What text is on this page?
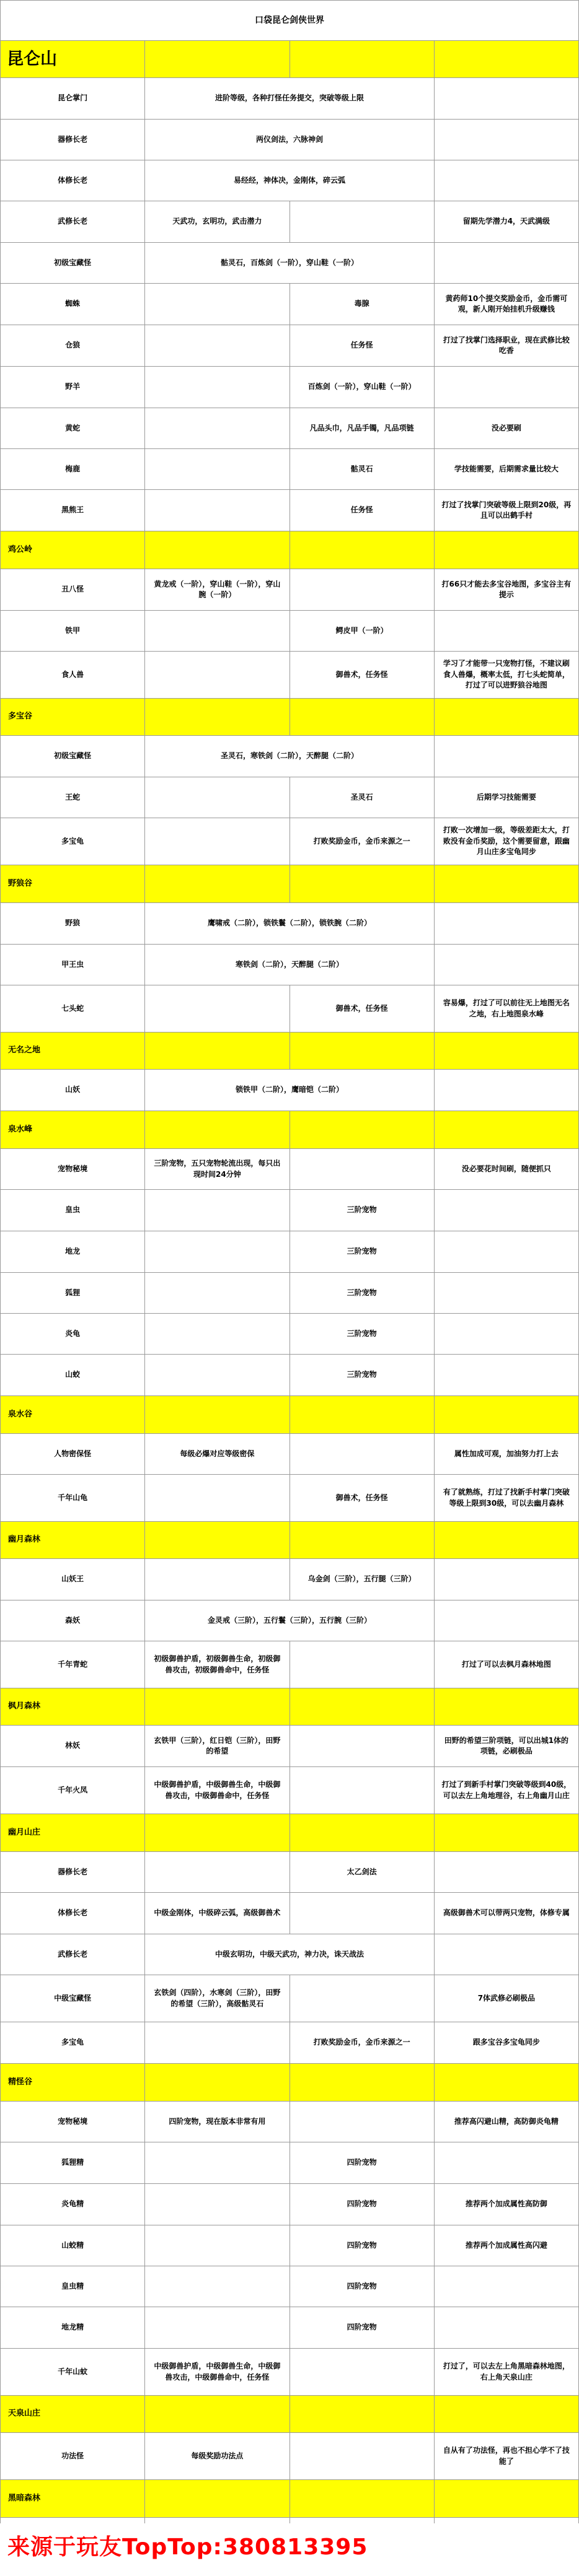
口袋昆仑剑侠世界			
昆仑山			
昆仑掌门	进阶等级，各种打怪任务提交，突破等级上限		
器修长老	两仪剑法，六脉神剑		
体修长老	易经经，神体决，金刚体，碎云弧		
武修长老	天武功，玄明功，武击潜力		留期先学潜力4，天武满级
初级宝藏怪	骷灵石，百炼剑（一阶），穿山鞋（一阶）		
蜘蛛		毒腺	黄药师10个提交奖励金币，金币需可观，新人刚开始挂机升级赚钱
仓狼		任务怪	打过了找掌门选择职业，现在武修比较吃香
野羊		百炼剑（一阶），穿山鞋（一阶）	
黄蛇		凡品头巾，凡品手镯，凡品项链	没必要刷
梅鹿		骷灵石	学技能需要，后期需求量比较大
黑熊王		任务怪	打过了找掌门突破等级上限到20级，再且可以出鹤手村
鸡公岭			
丑八怪	黄龙戒（一阶），穿山鞋（一阶），穿山腕（一阶）		打66只才能去多宝谷地图，多宝谷主有提示
铁甲		鳄皮甲（一阶）	
食人兽		御兽术，任务怪	学习了才能带一只宠物打怪，不建议刷食人兽爆，概率太低，打七头蛇简单，打过了可以进野狼谷地图
多宝谷			
初级宝藏怪	圣灵石，寒铁剑（二阶），天醉腿（二阶）		
王蛇		圣灵石	后期学习技能需要
多宝龟		打败奖励金币，金币来源之一	打败一次增加一级，等级差距太大，打败没有金币奖励，这个需要留意，跟幽月山庄多宝龟同步
野狼谷			
野狼	鹰啸戒（二阶），锁铁鬟（二阶），锁铁腕（二阶）		
甲王虫	寒铁剑（二阶），天醉腿（二阶）		
七头蛇		御兽术，任务怪	容易爆，打过了可以前往无上地图无名之地，右上地图泉水峰
无名之地			
山妖	锁铁甲（二阶），鹰暗铠（二阶）		
泉水峰			
宠物秘境	三阶宠物，五只宠物轮流出现，每只出现时间24分钟		没必要花时间刷，随便抓只
皇虫		三阶宠物	
地龙		三阶宠物	
狐狸		三阶宠物	
炎龟		三阶宠物	
山蛟		三阶宠物	
泉水谷			
人物密保怪	每级必爆对应等级密保		属性加成可观，加油努力打上去
千年山龟		御兽术，任务怪	有了就熟练，打过了找新手村掌门突破等级上限到30级，可以去幽月森林
幽月森林			
山妖王		乌金剑（三阶），五行腿（三阶）	
森妖	金灵戒（三阶），五行鬟（三阶），五行腕（三阶）		
千年青蛇	初级御兽护盾，初级御兽生命，初级御兽攻击，初级御兽命中，任务怪		打过了可以去枫月森林地图
枫月森林			
林妖	玄铁甲（三阶），红日铠（三阶），田野的希望		田野的希望三阶项链，可以出城1体的项链，必刷极品
千年火凤	中级御兽护盾，中级御兽生命，中级御兽攻击，中级御兽命中，任务怪		打过了到新手村掌门突破等级到40级，可以去左上角地理谷，右上角幽月山庄
幽月山庄			
器修长老		太乙剑法	
体修长老	中级金刚体，中级碎云弧，高级御兽术		高级御兽术可以带两只宠物，体修专属
武修长老	中级玄明功，中级天武功，神力决，诛天战法		
中级宝藏怪	玄铁剑（四阶），水寒剑（三阶），田野的希望（三阶），高级骷灵石		7体武修必刷极品
多宝龟		打败奖励金币，金币来源之一	跟多宝谷多宝龟同步
精怪谷			
宠物秘境	四阶宠物，现在版本非常有用		推荐高闪避山精，高防御炎龟精
狐狸精		四阶宠物	
炎龟精		四阶宠物	推荐两个加成属性高防御
山蛟精		四阶宠物	推荐两个加成属性高闪避
皇虫精		四阶宠物	
地龙精		四阶宠物	
千年山蚊	中级御兽护盾，中级御兽生命，中级御兽攻击，中级御兽命中，任务怪		打过了，可以去左上角黑暗森林地图，右上角天泉山庄
天泉山庄			
功法怪	每级奖励功法点		自从有了功法怪，再也不担心学不了技能了
黑暗森林			

来源于玩友TopTop:380813395
